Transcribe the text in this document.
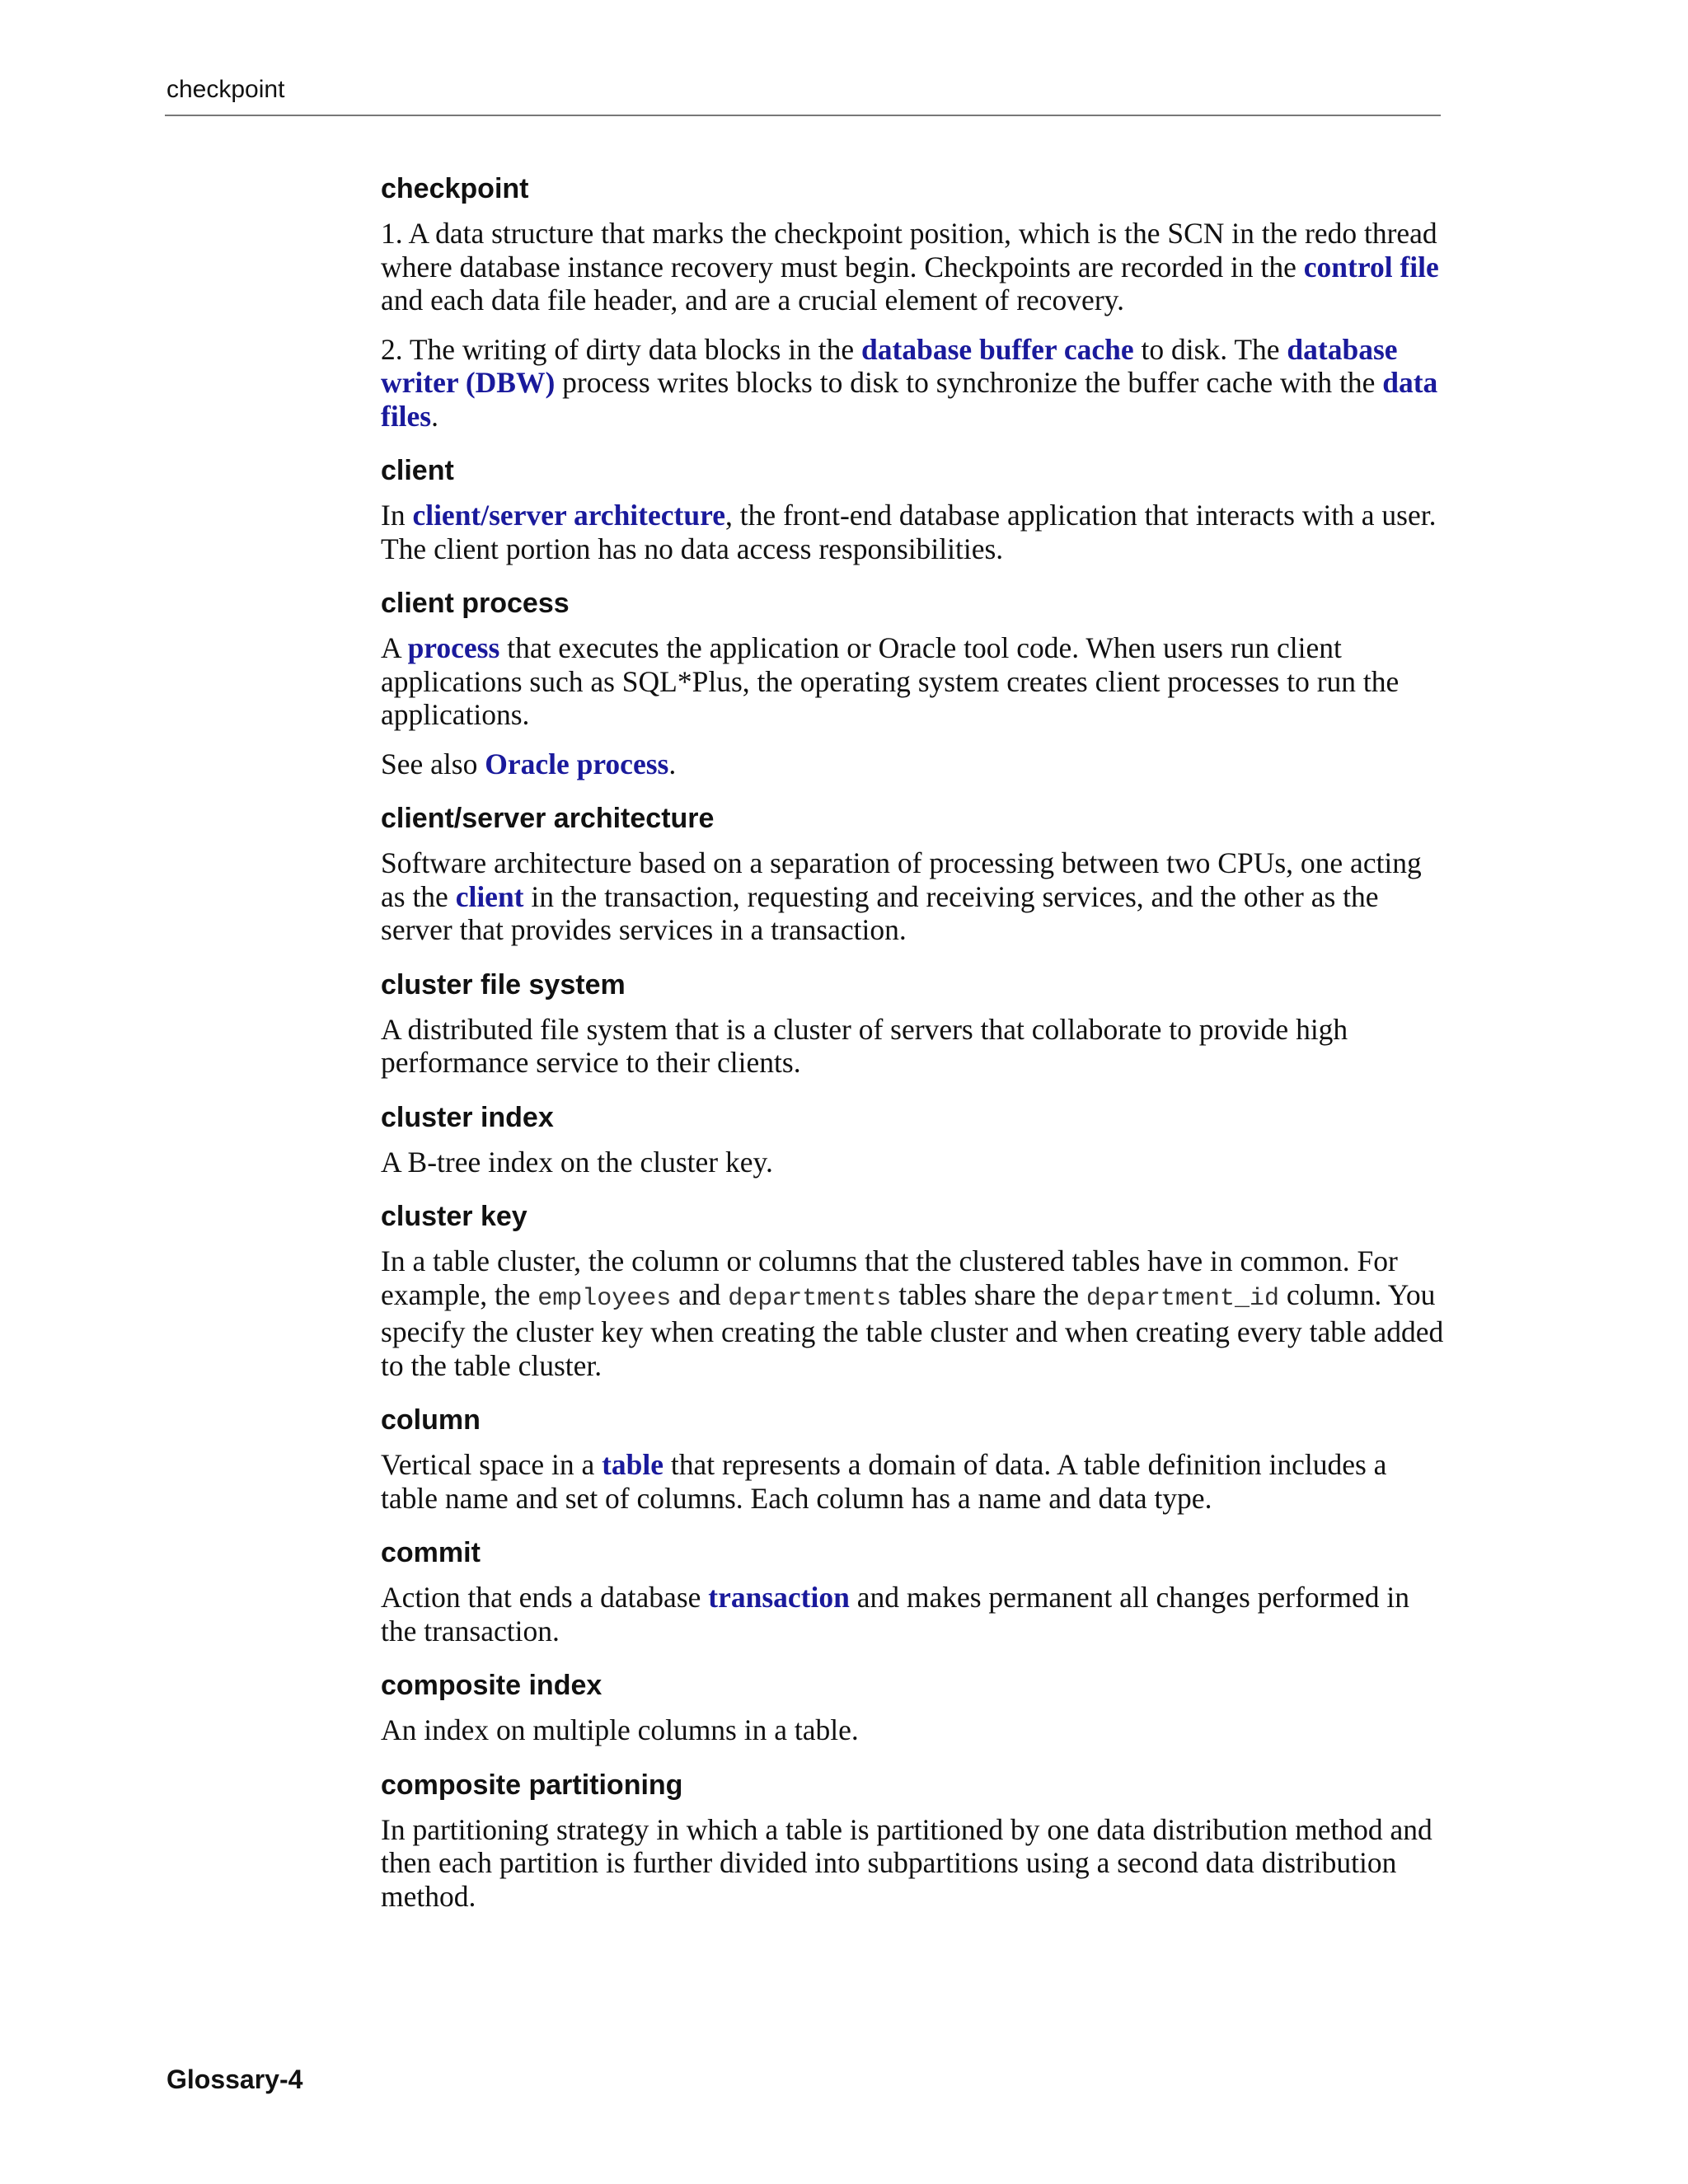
checkpoint
checkpoint

1. A data structure that marks the checkpoint position, which is the SCN in the redo thread where database instance recovery must begin. Checkpoints are recorded in the control file and each data file header, and are a crucial element of recovery.

2. The writing of dirty data blocks in the database buffer cache to disk. The database writer (DBW) process writes blocks to disk to synchronize the buffer cache with the data files.

client

In client/server architecture, the front-end database application that interacts with a user. The client portion has no data access responsibilities.

client process

A process that executes the application or Oracle tool code. When users run client applications such as SQL*Plus, the operating system creates client processes to run the applications.

See also Oracle process.

client/server architecture

Software architecture based on a separation of processing between two CPUs, one acting as the client in the transaction, requesting and receiving services, and the other as the server that provides services in a transaction.

cluster file system

A distributed file system that is a cluster of servers that collaborate to provide high performance service to their clients.

cluster index

A B-tree index on the cluster key.

cluster key

In a table cluster, the column or columns that the clustered tables have in common. For example, the employees and departments tables share the department_id column. You specify the cluster key when creating the table cluster and when creating every table added to the table cluster.

column

Vertical space in a table that represents a domain of data. A table definition includes a table name and set of columns. Each column has a name and data type.

commit

Action that ends a database transaction and makes permanent all changes performed in the transaction.

composite index

An index on multiple columns in a table.

composite partitioning

In partitioning strategy in which a table is partitioned by one data distribution method and then each partition is further divided into subpartitions using a second data distribution method.

Glossary-4
